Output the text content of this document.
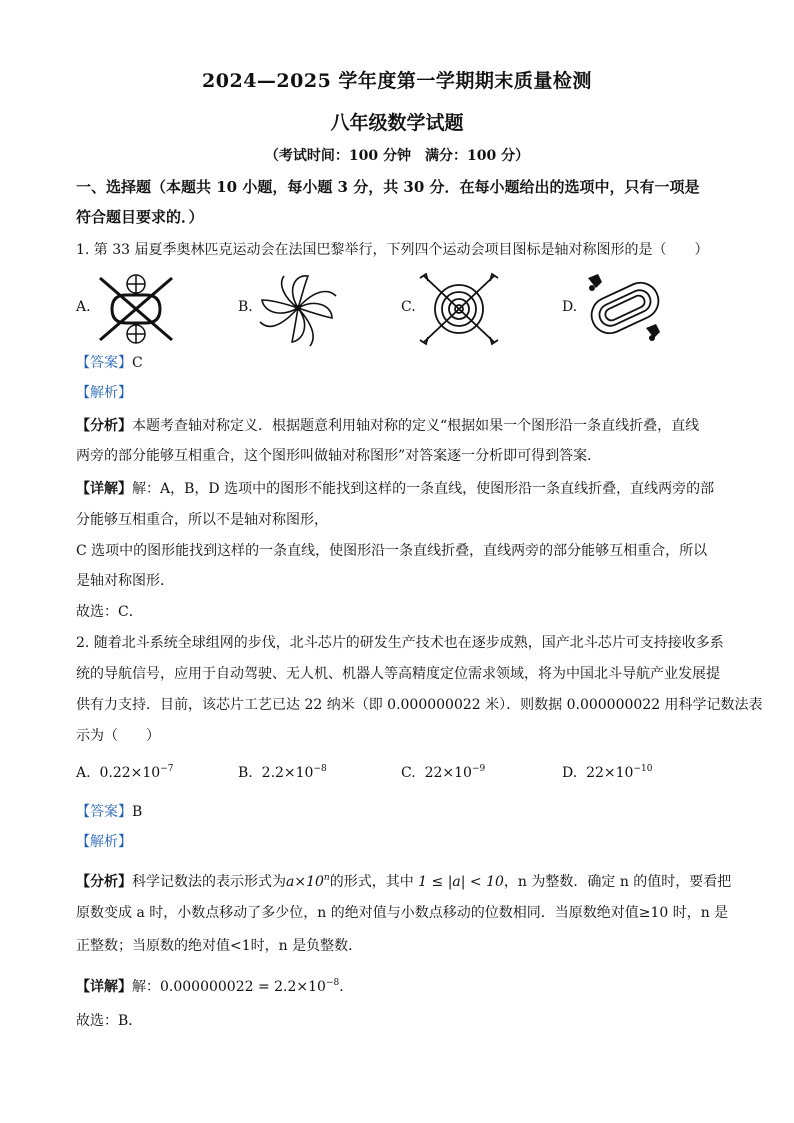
2024—2025 学年度第一学期期末质量检测
八年级数学试题
（考试时间：100 分钟　满分：100 分）
一、选择题（本题共 10 小题，每小题 3 分，共 30 分．在每小题给出的选项中，只有一项是
符合题目要求的．）
1. 第 33 届夏季奥林匹克运动会在法国巴黎举行，下列四个运动会项目图标是轴对称图形的是（　　）
A.	B.	C.	D.
【答案】C
【解析】
【分析】本题考查轴对称定义．根据题意利用轴对称的定义“根据如果一个图形沿一条直线折叠，直线
两旁的部分能够互相重合，这个图形叫做轴对称图形”对答案逐一分析即可得到答案．
【详解】解：A，B，D 选项中的图形不能找到这样的一条直线，使图形沿一条直线折叠，直线两旁的部
分能够互相重合，所以不是轴对称图形，
C 选项中的图形能找到这样的一条直线，使图形沿一条直线折叠，直线两旁的部分能够互相重合，所以
是轴对称图形．
故选：C．
2. 随着北斗系统全球组网的步伐，北斗芯片的研发生产技术也在逐步成熟，国产北斗芯片可支持接收多系
统的导航信号，应用于自动驾驶、无人机、机器人等高精度定位需求领域，将为中国北斗导航产业发展提
供有力支持．目前，该芯片工艺已达 22 纳米（即 0.000000022 米）．则数据 0.000000022 用科学记数法表
示为（　　）
A. $0.22\times 10^{-7}$	B. $2.2\times 10^{-8}$	C. $22\times 10^{-9}$	D. $22\times 10^{-10}$
【答案】B
【解析】
【分析】科学记数法的表示形式为$a\times 10^n$的形式，其中 1 ≤ |a| < 10，n 为整数．确定 n 的值时，要看把
原数变成 a 时，小数点移动了多少位，n 的绝对值与小数点移动的位数相同．当原数绝对值≥10 时，n 是
正整数；当原数的绝对值<1时，n 是负整数．
【详解】解：$0.000000022 = 2.2\times 10^{-8}$．
故选：B．
